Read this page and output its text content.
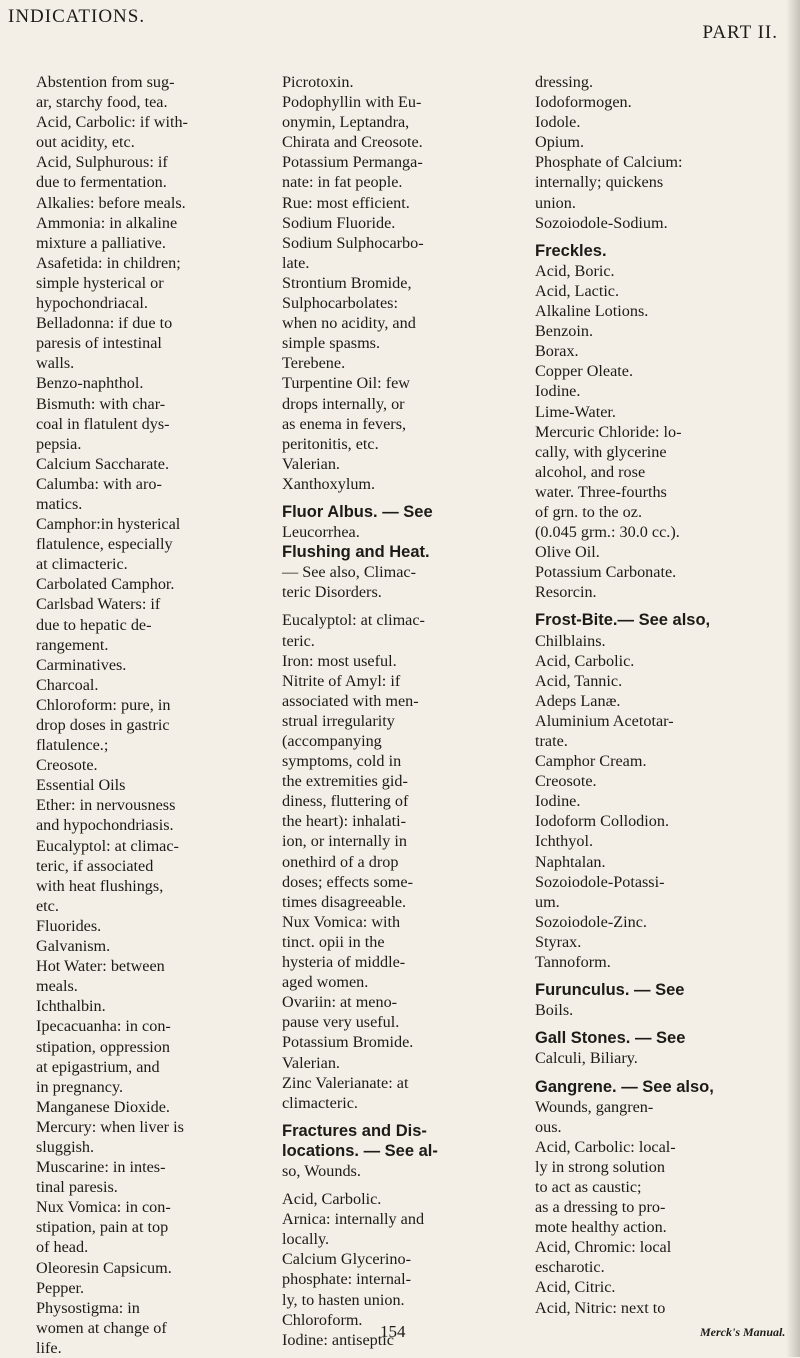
INDICATIONS.
PART II.
Abstention from sug-
ar, starchy food, tea.
Acid, Carbolic: if with-
out acidity, etc.
Acid, Sulphurous: if
due to fermentation.
Alkalies: before meals.
Ammonia: in alkaline
mixture a palliative.
Asafetida: in children;
simple hysterical or
hypochondriacal.
Belladonna: if due to
paresis of intestinal
walls.
Benzo-naphthol.
Bismuth: with char-
coal in flatulent dys-
pepsia.
Calcium Saccharate.
Calumba: with aro-
matics.
Camphor:in hysterical
flatulence, especially
at climacteric.
Carbolated Camphor.
Carlsbad Waters: if
due to hepatic de-
rangement.
Carminatives.
Charcoal.
Chloroform: pure, in
drop doses in gastric
flatulence.;
Creosote.
Essential Oils
Ether: in nervousness
and hypochondriasis.
Eucalyptol: at climac-
teric, if associated
with heat flushings,
etc.
Fluorides.
Galvanism.
Hot Water: between
meals.
Ichthalbin.
Ipecacuanha: in con-
stipation, oppression
at epigastrium, and
in pregnancy.
Manganese Dioxide.
Mercury: when liver is
sluggish.
Muscarine: in intes-
tinal paresis.
Nux Vomica: in con-
stipation, pain at top
of head.
Oleoresin Capsicum.
Pepper.
Physostigma: in
women at change of
life.
Picrotoxin.
Podophyllin with Eu-
onymin, Leptandra,
Chirata and Creosote.
Potassium Permanga-
nate: in fat people.
Rue: most efficient.
Sodium Fluoride.
Sodium Sulphocarbo-
late.
Strontium Bromide,
Sulphocarbolates:
when no acidity, and
simple spasms.
Terebene.
Turpentine Oil: few
drops internally, or
as enema in fevers,
peritonitis, etc.
Valerian.
Xanthoxylum.
Fluor Albus. — See
Leucorrhea.
Flushing and Heat.
— See also, Climac-
teric Disorders.
Eucalyptol: at climac-
teric.
Iron: most useful.
Nitrite of Amyl: if
associated with men-
strual irregularity
(accompanying
symptoms, cold in
the extremities gid-
diness, fluttering of
the heart): inhalati-
ion, or internally in
onethird of a drop
doses; effects some-
times disagreeable.
Nux Vomica: with
tinct. opii in the
hysteria of middle-
aged women.
Ovariin: at meno-
pause very useful.
Potassium Bromide.
Valerian.
Zinc Valerianate: at
climacteric.
Fractures and Dis-
locations. — See al-
so, Wounds.
Acid, Carbolic.
Arnica: internally and
locally.
Calcium Glycerino-
phosphate: internal-
ly, to hasten union.
Chloroform.
Iodine: antiseptic
dressing.
Iodoformogen.
Iodole.
Opium.
Phosphate of Calcium:
internally; quickens
union.
Sozoiodole-Sodium.
Freckles.
Acid, Boric.
Acid, Lactic.
Alkaline Lotions.
Benzoin.
Borax.
Copper Oleate.
Iodine.
Lime-Water.
Mercuric Chloride: lo-
cally, with glycerine
alcohol, and rose
water. Three-fourths
of grn. to the oz.
(0.045 grm.: 30.0 cc.).
Olive Oil.
Potassium Carbonate.
Resorcin.
Frost-Bite.— See also,
Chilblains.
Acid, Carbolic.
Acid, Tannic.
Adeps Lanæ.
Aluminium Acetotar-
trate.
Camphor Cream.
Creosote.
Iodine.
Iodoform Collodion.
Ichthyol.
Naphtalan.
Sozoiodole-Potassi-
um.
Sozoiodole-Zinc.
Styrax.
Tannoform.
Furunculus. — See
Boils.
Gall Stones. — See
Calculi, Biliary.
Gangrene. — See also,
Wounds, gangren-
ous.
Acid, Carbolic: local-
ly in strong solution
to act as caustic;
as a dressing to pro-
mote healthy action.
Acid, Chromic: local
escharotic.
Acid, Citric.
Acid, Nitric: next to
154	Merck's Manual.
